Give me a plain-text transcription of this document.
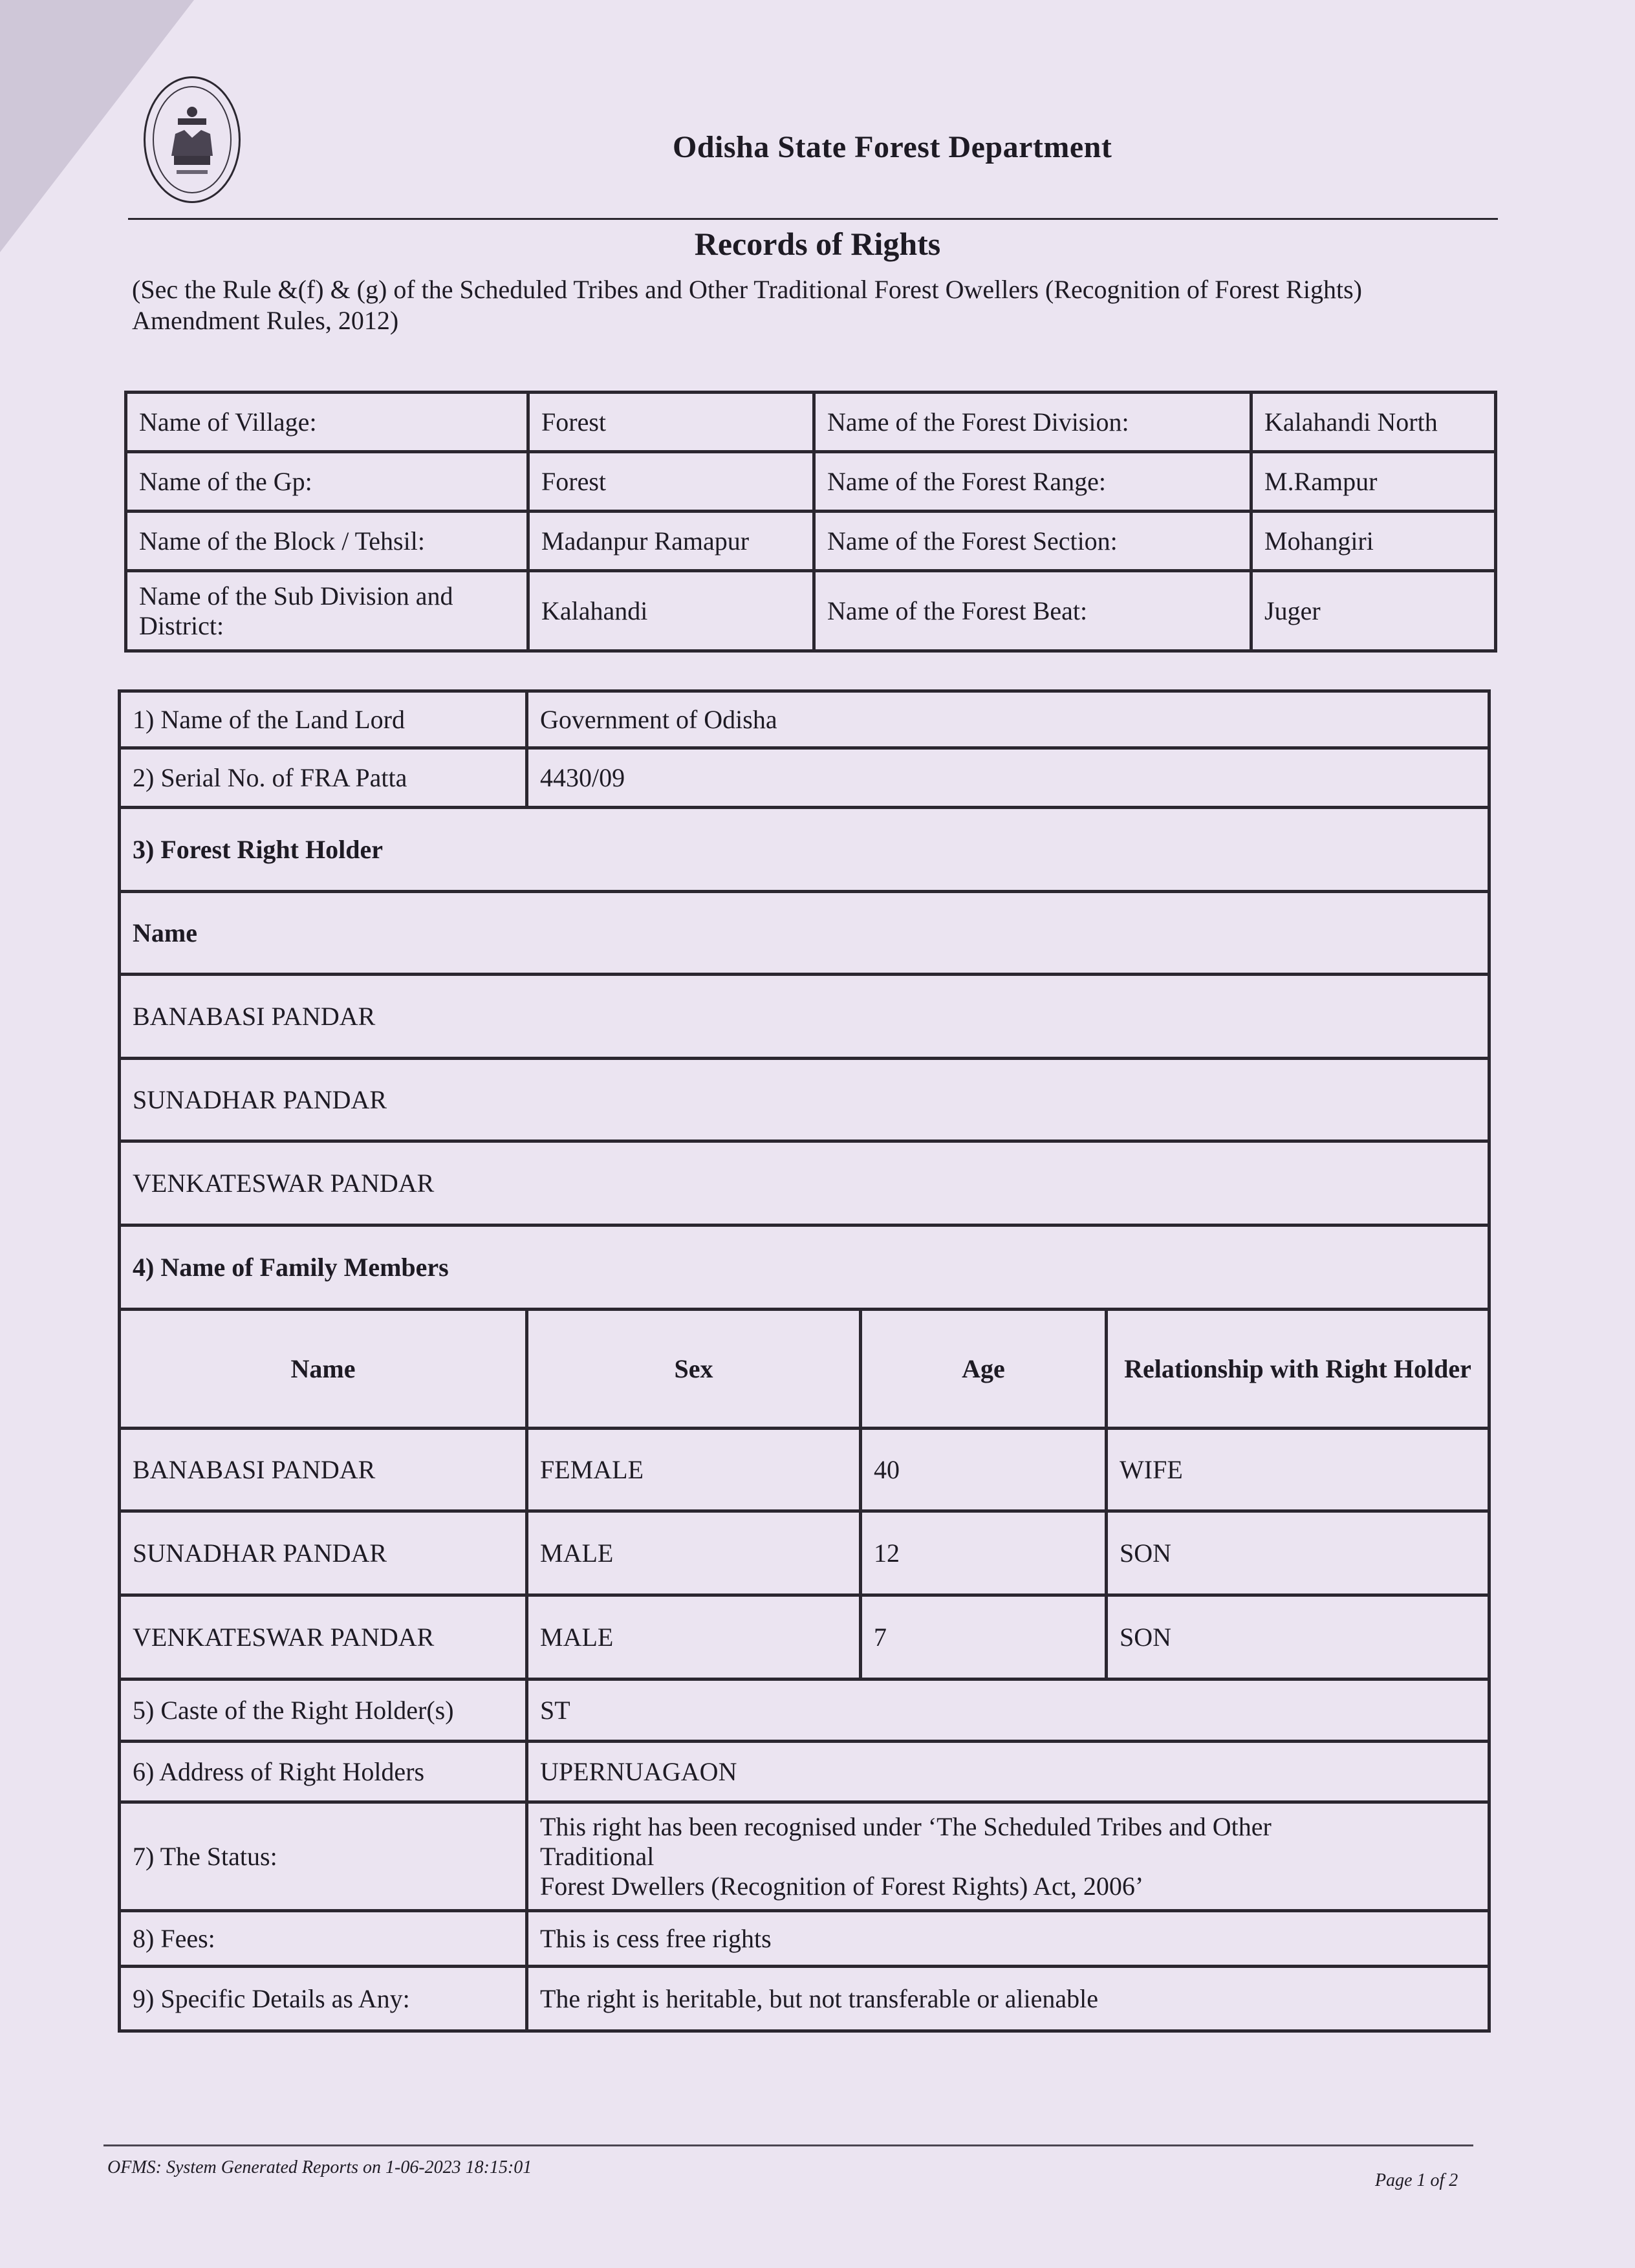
Odisha State Forest Department
Records of Rights
(Sec the Rule &(f) & (g) of the Scheduled Tribes and Other Traditional Forest Owellers (Recognition of Forest Rights) Amendment Rules, 2012)
Name of Village:	Forest	Name of the Forest Division:	Kalahandi North
Name of the Gp:	Forest	Name of the Forest Range:	M.Rampur
Name of the Block / Tehsil:	Madanpur Ramapur	Name of the Forest Section:	Mohangiri
Name of the Sub Division and District:	Kalahandi	Name of the Forest Beat:	Juger
1) Name of the Land Lord	Government of Odisha		
2) Serial No. of FRA Patta	4430/09		
3) Forest Right Holder			
Name			
BANABASI PANDAR			
SUNADHAR PANDAR			
VENKATESWAR PANDAR			
4) Name of Family Members			
Name	Sex	Age	Relationship with Right Holder
BANABASI PANDAR	FEMALE	40	WIFE
SUNADHAR PANDAR	MALE	12	SON
VENKATESWAR PANDAR	MALE	7	SON
5) Caste of the Right Holder(s)	ST		
6) Address of Right Holders	UPERNUAGAON		
7) The Status:	This right has been recognised under ‘The Scheduled Tribes and Other
Traditional
Forest Dwellers (Recognition of Forest Rights) Act, 2006’		

8) Fees:	This is cess free rights		
9) Specific Details as Any:	The right is heritable, but not transferable or alienable		
OFMS: System Generated Reports on 1-06-2023 18:15:01
Page 1 of 2
